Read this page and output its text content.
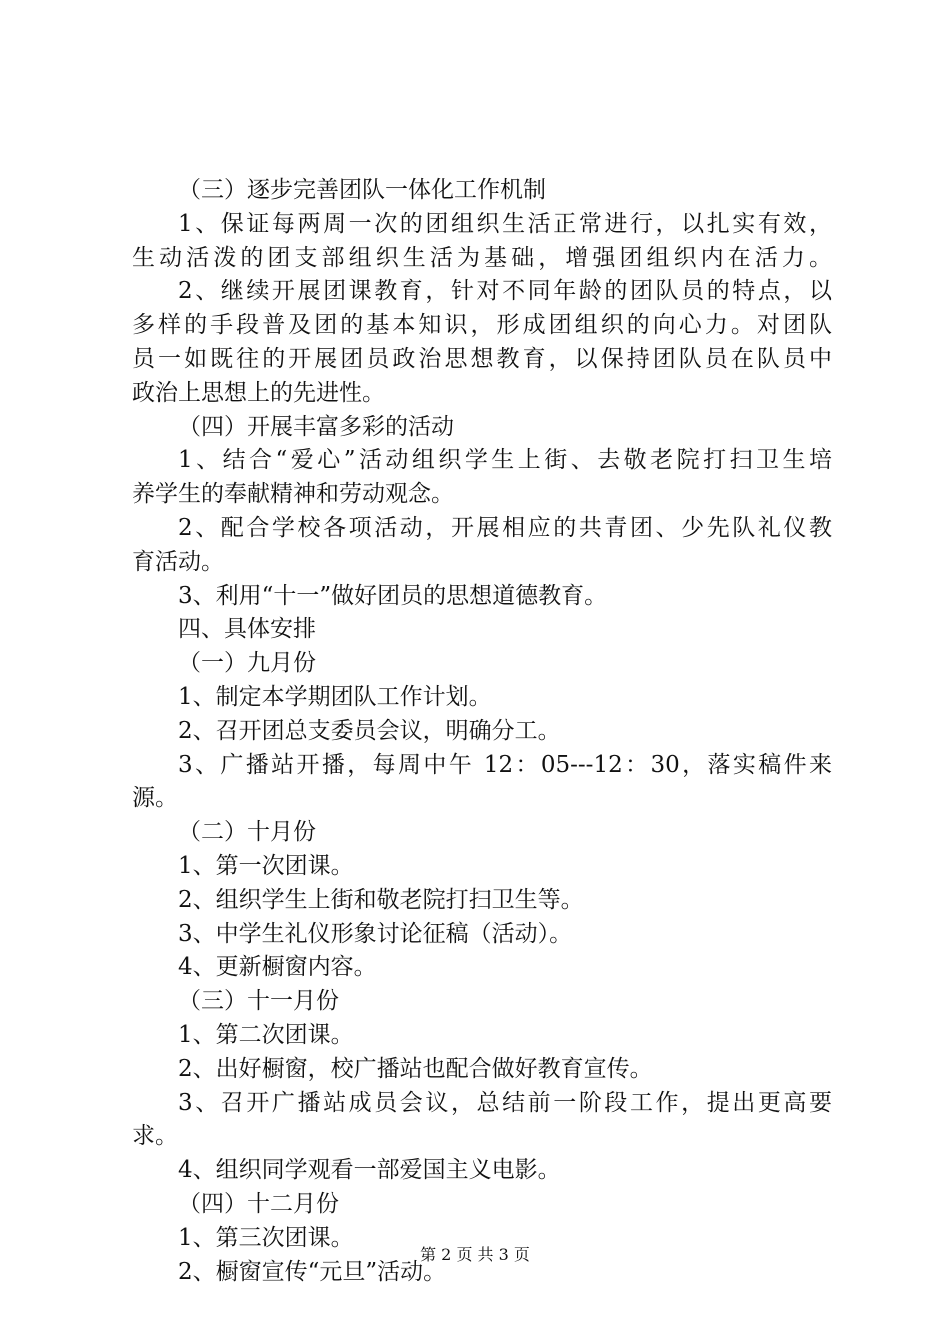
（三）逐步完善团队一体化工作机制
1、保证每两周一次的团组织生活正常进行，以扎实有效，
生动活泼的团支部组织生活为基础，增强团组织内在活力。
2、继续开展团课教育，针对不同年龄的团队员的特点，以
多样的手段普及团的基本知识，形成团组织的向心力。对团队
员一如既往的开展团员政治思想教育，以保持团队员在队员中
政治上思想上的先进性。
（四）开展丰富多彩的活动
1、结合“爱心”活动组织学生上街、去敬老院打扫卫生培
养学生的奉献精神和劳动观念。
2、配合学校各项活动，开展相应的共青团、少先队礼仪教
育活动。
3、利用“十一”做好团员的思想道德教育。
四、具体安排
（一）九月份
1、制定本学期团队工作计划。
2、召开团总支委员会议，明确分工。
3、广播站开播，每周中午 12：05---12：30，落实稿件来
源。
（二）十月份
1、第一次团课。
2、组织学生上街和敬老院打扫卫生等。
3、中学生礼仪形象讨论征稿（活动）。
4、更新橱窗内容。
（三）十一月份
1、第二次团课。
2、出好橱窗，校广播站也配合做好教育宣传。
3、召开广播站成员会议，总结前一阶段工作，提出更高要
求。
4、组织同学观看一部爱国主义电影。
（四）十二月份
1、第三次团课。
2、橱窗宣传“元旦”活动。
第 2 页 共 3 页
